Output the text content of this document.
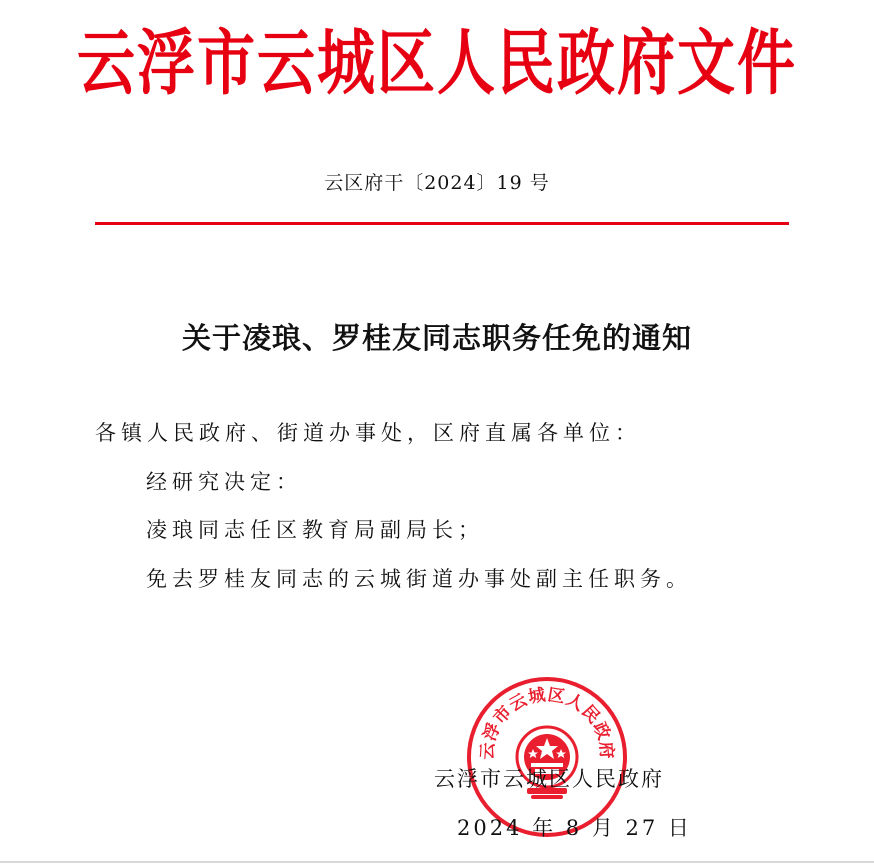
云浮市云城区人民政府文件
云区府干〔2024〕19 号
关于凌琅、罗桂友同志职务任免的通知
各镇人民政府、街道办事处，区府直属各单位：
经研究决定：
凌琅同志任区教育局副局长；
免去罗桂友同志的云城街道办事处副主任职务。
云浮市云城区人民政府
云浮市云城区人民政府
2024 年 8 月 27 日
